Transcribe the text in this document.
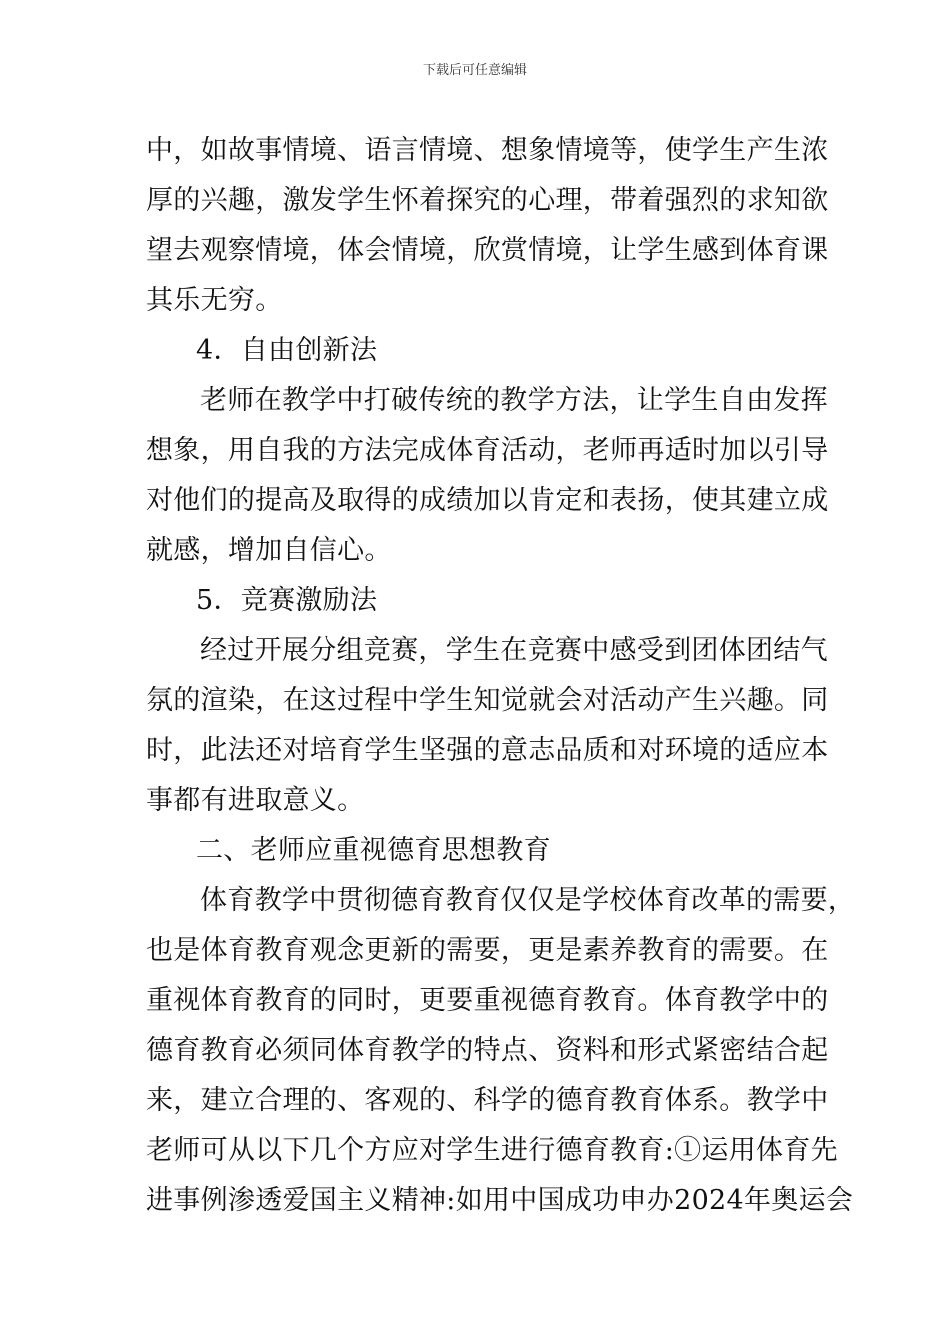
下载后可任意编辑
中，如故事情境、语言情境、想象情境等，使学生产生浓
厚的兴趣，激发学生怀着探究的心理，带着强烈的求知欲
望去观察情境，体会情境，欣赏情境，让学生感到体育课
其乐无穷。
4．自由创新法
老师在教学中打破传统的教学方法，让学生自由发挥
想象，用自我的方法完成体育活动，老师再适时加以引导
对他们的提高及取得的成绩加以肯定和表扬，使其建立成
就感，增加自信心。
5．竞赛激励法
经过开展分组竞赛，学生在竞赛中感受到团体团结气
氛的渲染，在这过程中学生知觉就会对活动产生兴趣。同
时，此法还对培育学生坚强的意志品质和对环境的适应本
事都有进取意义。
二、老师应重视德育思想教育
体育教学中贯彻德育教育仅仅是学校体育改革的需要，
也是体育教育观念更新的需要，更是素养教育的需要。在
重视体育教育的同时，更要重视德育教育。体育教学中的
德育教育必须同体育教学的特点、资料和形式紧密结合起
来，建立合理的、客观的、科学的德育教育体系。教学中
老师可从以下几个方应对学生进行德育教育:①运用体育先
进事例渗透爱国主义精神:如用中国成功申办2024年奥运会
